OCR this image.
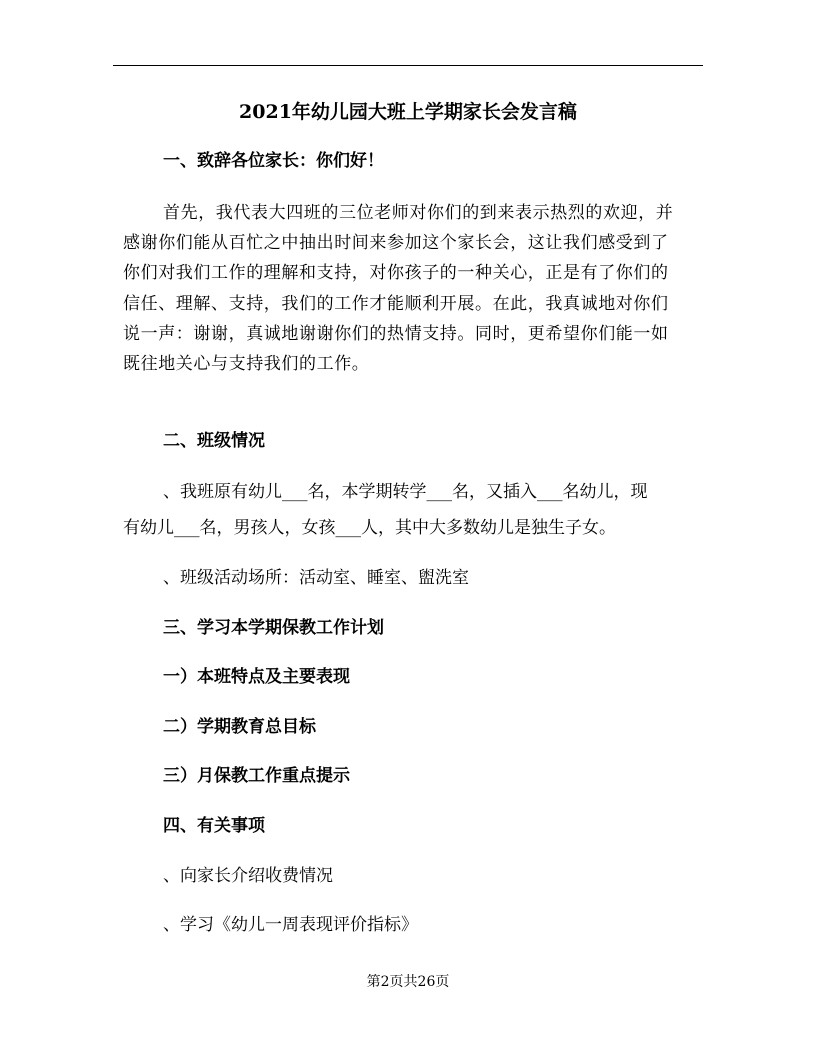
2021年幼儿园大班上学期家长会发言稿
一、致辞各位家长：你们好！
首先，我代表大四班的三位老师对你们的到来表示热烈的欢迎，并
感谢你们能从百忙之中抽出时间来参加这个家长会，这让我们感受到了
你们对我们工作的理解和支持，对你孩子的一种关心，正是有了你们的
信任、理解、支持，我们的工作才能顺利开展。在此，我真诚地对你们
说一声：谢谢，真诚地谢谢你们的热情支持。同时，更希望你们能一如
既往地关心与支持我们的工作。
二、班级情况
、我班原有幼儿___名，本学期转学___名，又插入___名幼儿，现
有幼儿___名，男孩人，女孩___人，其中大多数幼儿是独生子女。
、班级活动场所：活动室、睡室、盥洗室
三、学习本学期保教工作计划
一）本班特点及主要表现
二）学期教育总目标
三）月保教工作重点提示
四、有关事项
、向家长介绍收费情况
、学习《幼儿一周表现评价指标》
第2页共26页
